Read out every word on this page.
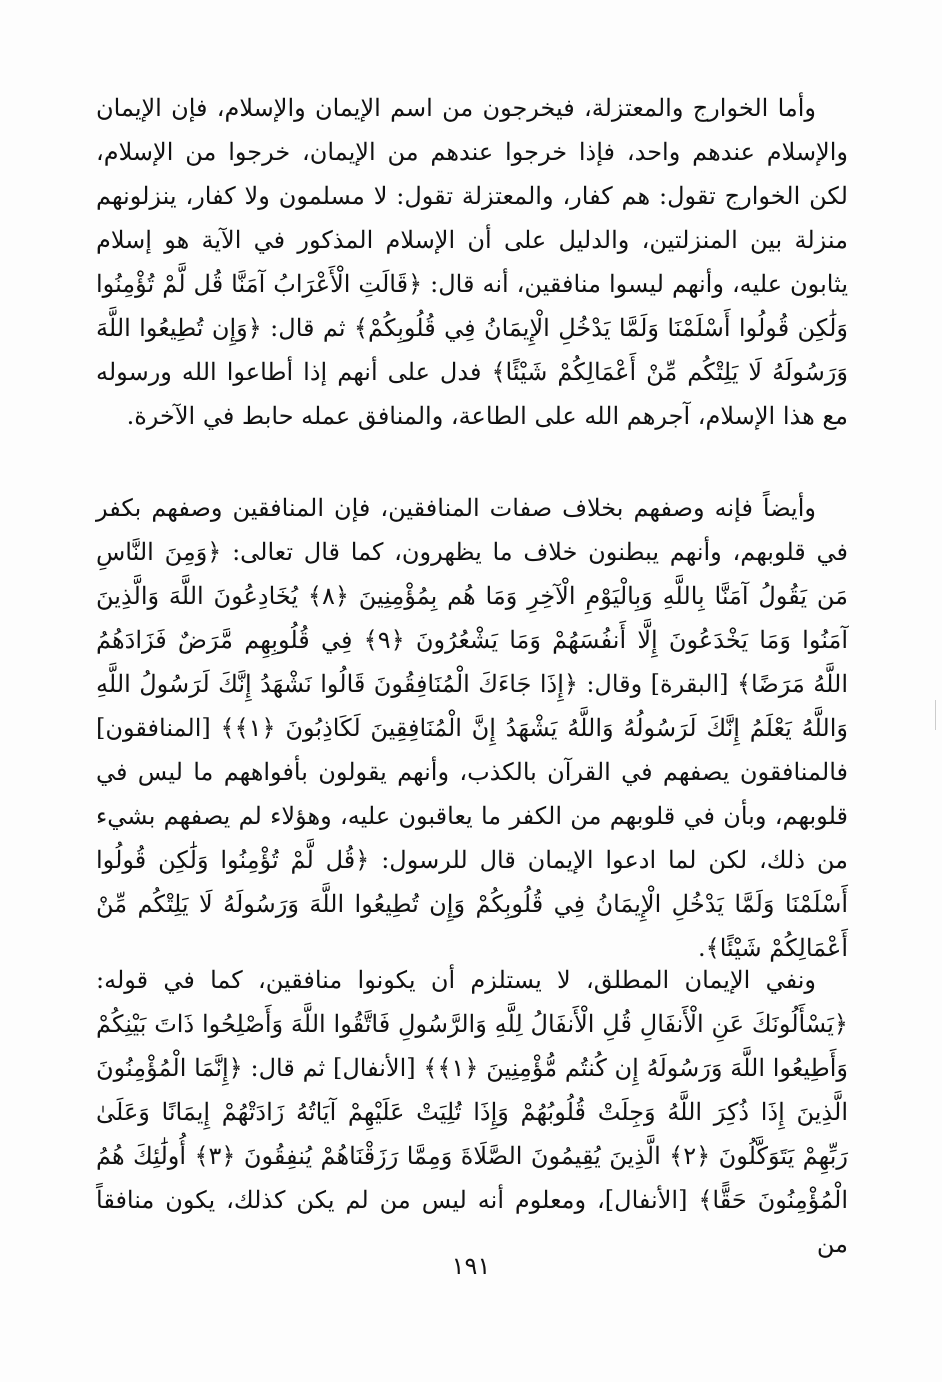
وأما الخوارج والمعتزلة، فيخرجون من اسم الإيمان والإسلام، فإن الإيمان والإسلام عندهم واحد، فإذا خرجوا عندهم من الإيمان، خرجوا من الإسلام، لكن الخوارج تقول: هم كفار، والمعتزلة تقول: لا مسلمون ولا كفار، ينزلونهم منزلة بين المنزلتين، والدليل على أن الإسلام المذكور في الآية هو إسلام يثابون عليه، وأنهم ليسوا منافقين، أنه قال: ﴿قَالَتِ الْأَعْرَابُ آمَنَّا قُل لَّمْ تُؤْمِنُوا وَلَٰكِن قُولُوا أَسْلَمْنَا وَلَمَّا يَدْخُلِ الْإِيمَانُ فِي قُلُوبِكُمْ﴾ ثم قال: ﴿وَإِن تُطِيعُوا اللَّهَ وَرَسُولَهُ لَا يَلِتْكُم مِّنْ أَعْمَالِكُمْ شَيْئًا﴾ فدل على أنهم إذا أطاعوا الله ورسوله مع هذا الإسلام، آجرهم الله على الطاعة، والمنافق عمله حابط في الآخرة.

وأيضاً فإنه وصفهم بخلاف صفات المنافقين، فإن المنافقين وصفهم بكفر في قلوبهم، وأنهم يبطنون خلاف ما يظهرون، كما قال تعالى: ﴿وَمِنَ النَّاسِ مَن يَقُولُ آمَنَّا بِاللَّهِ وَبِالْيَوْمِ الْآخِرِ وَمَا هُم بِمُؤْمِنِينَ ﴿٨﴾ يُخَادِعُونَ اللَّهَ وَالَّذِينَ آمَنُوا وَمَا يَخْدَعُونَ إِلَّا أَنفُسَهُمْ وَمَا يَشْعُرُونَ ﴿٩﴾ فِي قُلُوبِهِم مَّرَضٌ فَزَادَهُمُ اللَّهُ مَرَضًا﴾ [البقرة] وقال: ﴿إِذَا جَاءَكَ الْمُنَافِقُونَ قَالُوا نَشْهَدُ إِنَّكَ لَرَسُولُ اللَّهِ وَاللَّهُ يَعْلَمُ إِنَّكَ لَرَسُولُهُ وَاللَّهُ يَشْهَدُ إِنَّ الْمُنَافِقِينَ لَكَاذِبُونَ ﴿١﴾﴾ [المنافقون] فالمنافقون يصفهم في القرآن بالكذب، وأنهم يقولون بأفواههم ما ليس في قلوبهم، وبأن في قلوبهم من الكفر ما يعاقبون عليه، وهؤلاء لم يصفهم بشيء من ذلك، لكن لما ادعوا الإيمان قال للرسول: ﴿قُل لَّمْ تُؤْمِنُوا وَلَٰكِن قُولُوا أَسْلَمْنَا وَلَمَّا يَدْخُلِ الْإِيمَانُ فِي قُلُوبِكُمْ وَإِن تُطِيعُوا اللَّهَ وَرَسُولَهُ لَا يَلِتْكُم مِّنْ أَعْمَالِكُمْ شَيْئًا﴾.

ونفي الإيمان المطلق، لا يستلزم أن يكونوا منافقين، كما في قوله: ﴿يَسْأَلُونَكَ عَنِ الْأَنفَالِ قُلِ الْأَنفَالُ لِلَّهِ وَالرَّسُولِ فَاتَّقُوا اللَّهَ وَأَصْلِحُوا ذَاتَ بَيْنِكُمْ وَأَطِيعُوا اللَّهَ وَرَسُولَهُ إِن كُنتُم مُّؤْمِنِينَ ﴿١﴾﴾ [الأنفال] ثم قال: ﴿إِنَّمَا الْمُؤْمِنُونَ الَّذِينَ إِذَا ذُكِرَ اللَّهُ وَجِلَتْ قُلُوبُهُمْ وَإِذَا تُلِيَتْ عَلَيْهِمْ آيَاتُهُ زَادَتْهُمْ إِيمَانًا وَعَلَىٰ رَبِّهِمْ يَتَوَكَّلُونَ ﴿٢﴾ الَّذِينَ يُقِيمُونَ الصَّلَاةَ وَمِمَّا رَزَقْنَاهُمْ يُنفِقُونَ ﴿٣﴾ أُولَٰئِكَ هُمُ الْمُؤْمِنُونَ حَقًّا﴾ [الأنفال]، ومعلوم أنه ليس من لم يكن كذلك، يكون منافقاً من

١٩١
